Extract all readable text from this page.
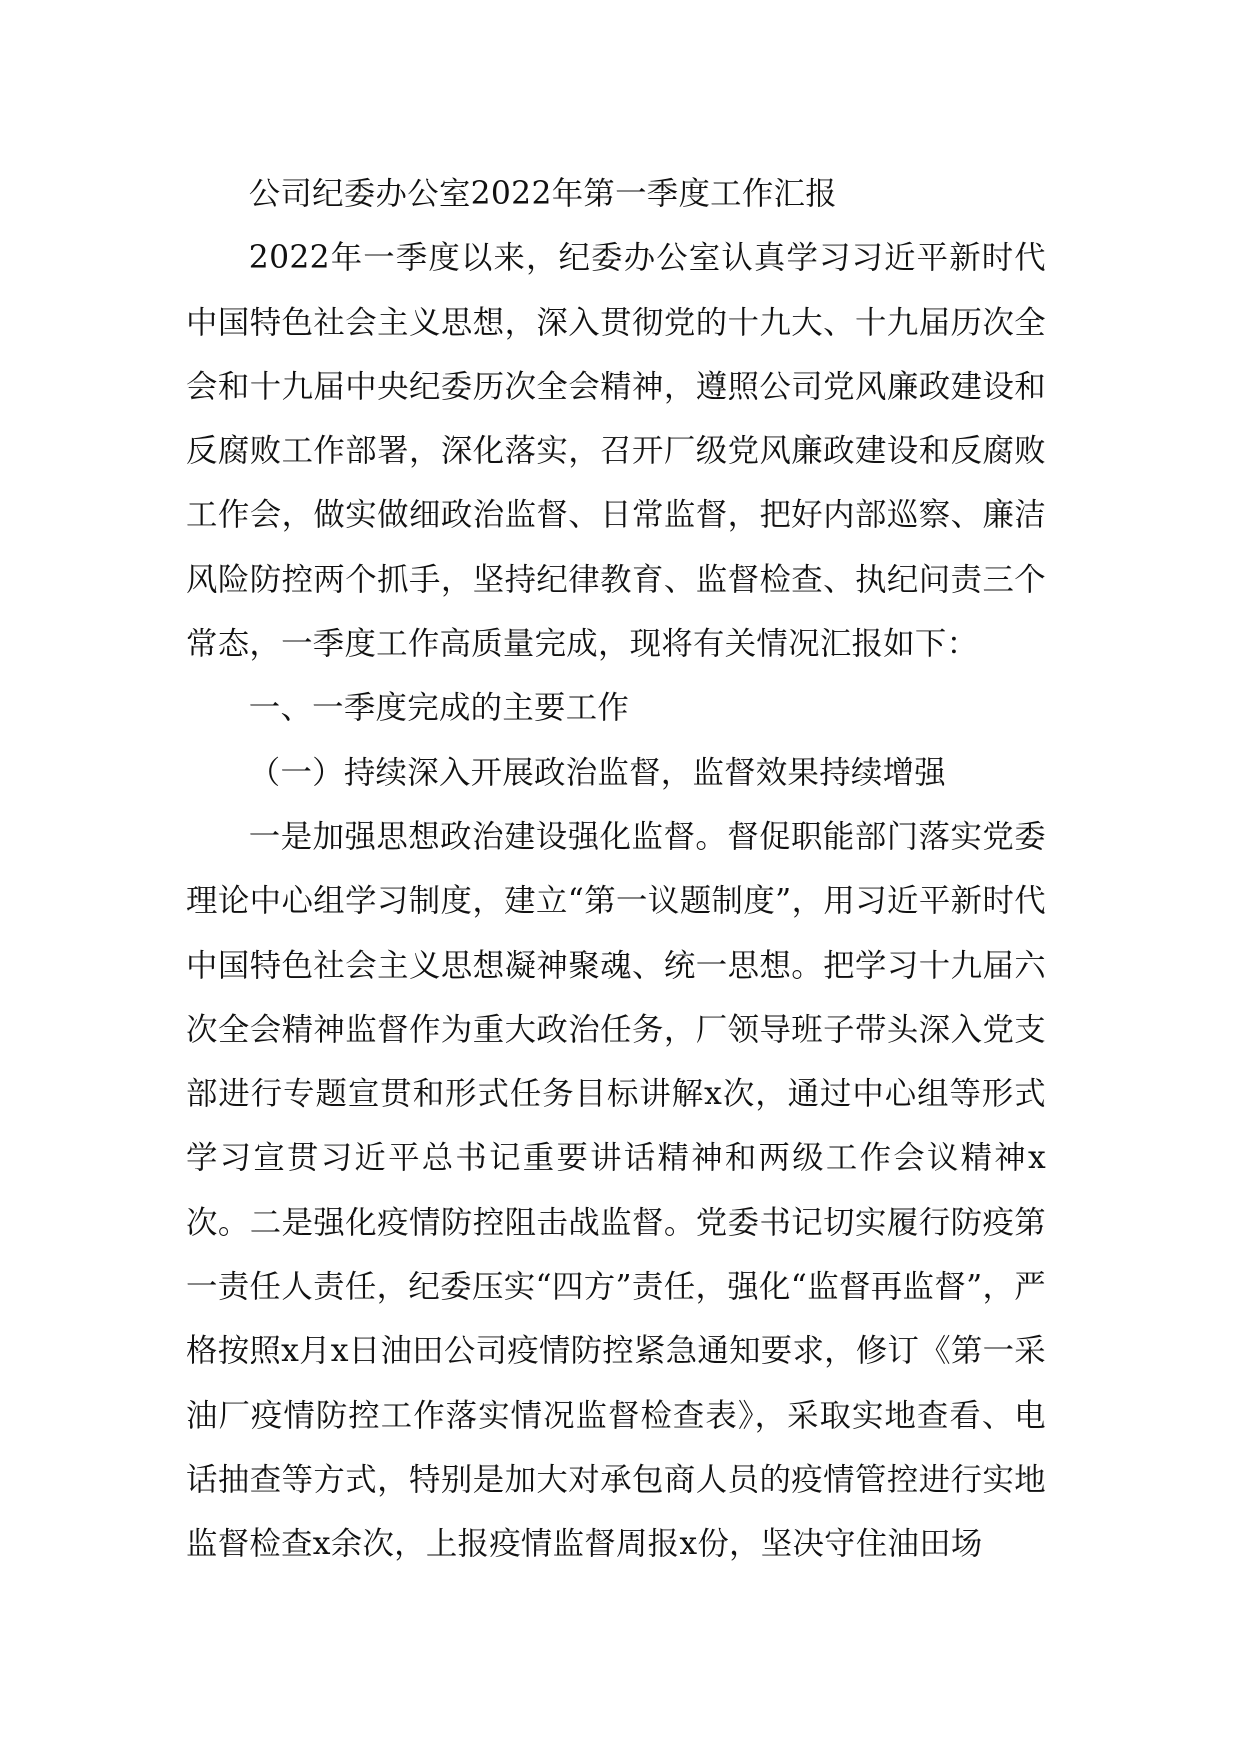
公司纪委办公室2022年第一季度工作汇报

2022年一季度以来，纪委办公室认真学习习近平新时代中国特色社会主义思想，深入贯彻党的十九大、十九届历次全会和十九届中央纪委历次全会精神，遵照公司党风廉政建设和反腐败工作部署，深化落实，召开厂级党风廉政建设和反腐败工作会，做实做细政治监督、日常监督，把好内部巡察、廉洁风险防控两个抓手，坚持纪律教育、监督检查、执纪问责三个常态，一季度工作高质量完成，现将有关情况汇报如下：

一、一季度完成的主要工作

（一）持续深入开展政治监督，监督效果持续增强

一是加强思想政治建设强化监督。督促职能部门落实党委理论中心组学习制度，建立“第一议题制度”，用习近平新时代中国特色社会主义思想凝神聚魂、统一思想。把学习十九届六次全会精神监督作为重大政治任务，厂领导班子带头深入党支部进行专题宣贯和形式任务目标讲解x次，通过中心组等形式学习宣贯习近平总书记重要讲话精神和两级工作会议精神x次。二是强化疫情防控阻击战监督。党委书记切实履行防疫第一责任人责任，纪委压实“四方”责任，强化“监督再监督”，严格按照x月x日油田公司疫情防控紧急通知要求，修订《第一采油厂疫情防控工作落实情况监督检查表》，采取实地查看、电话抽查等方式，特别是加大对承包商人员的疫情管控进行实地监督检查x余次，上报疫情监督周报x份，坚决守住油田场
